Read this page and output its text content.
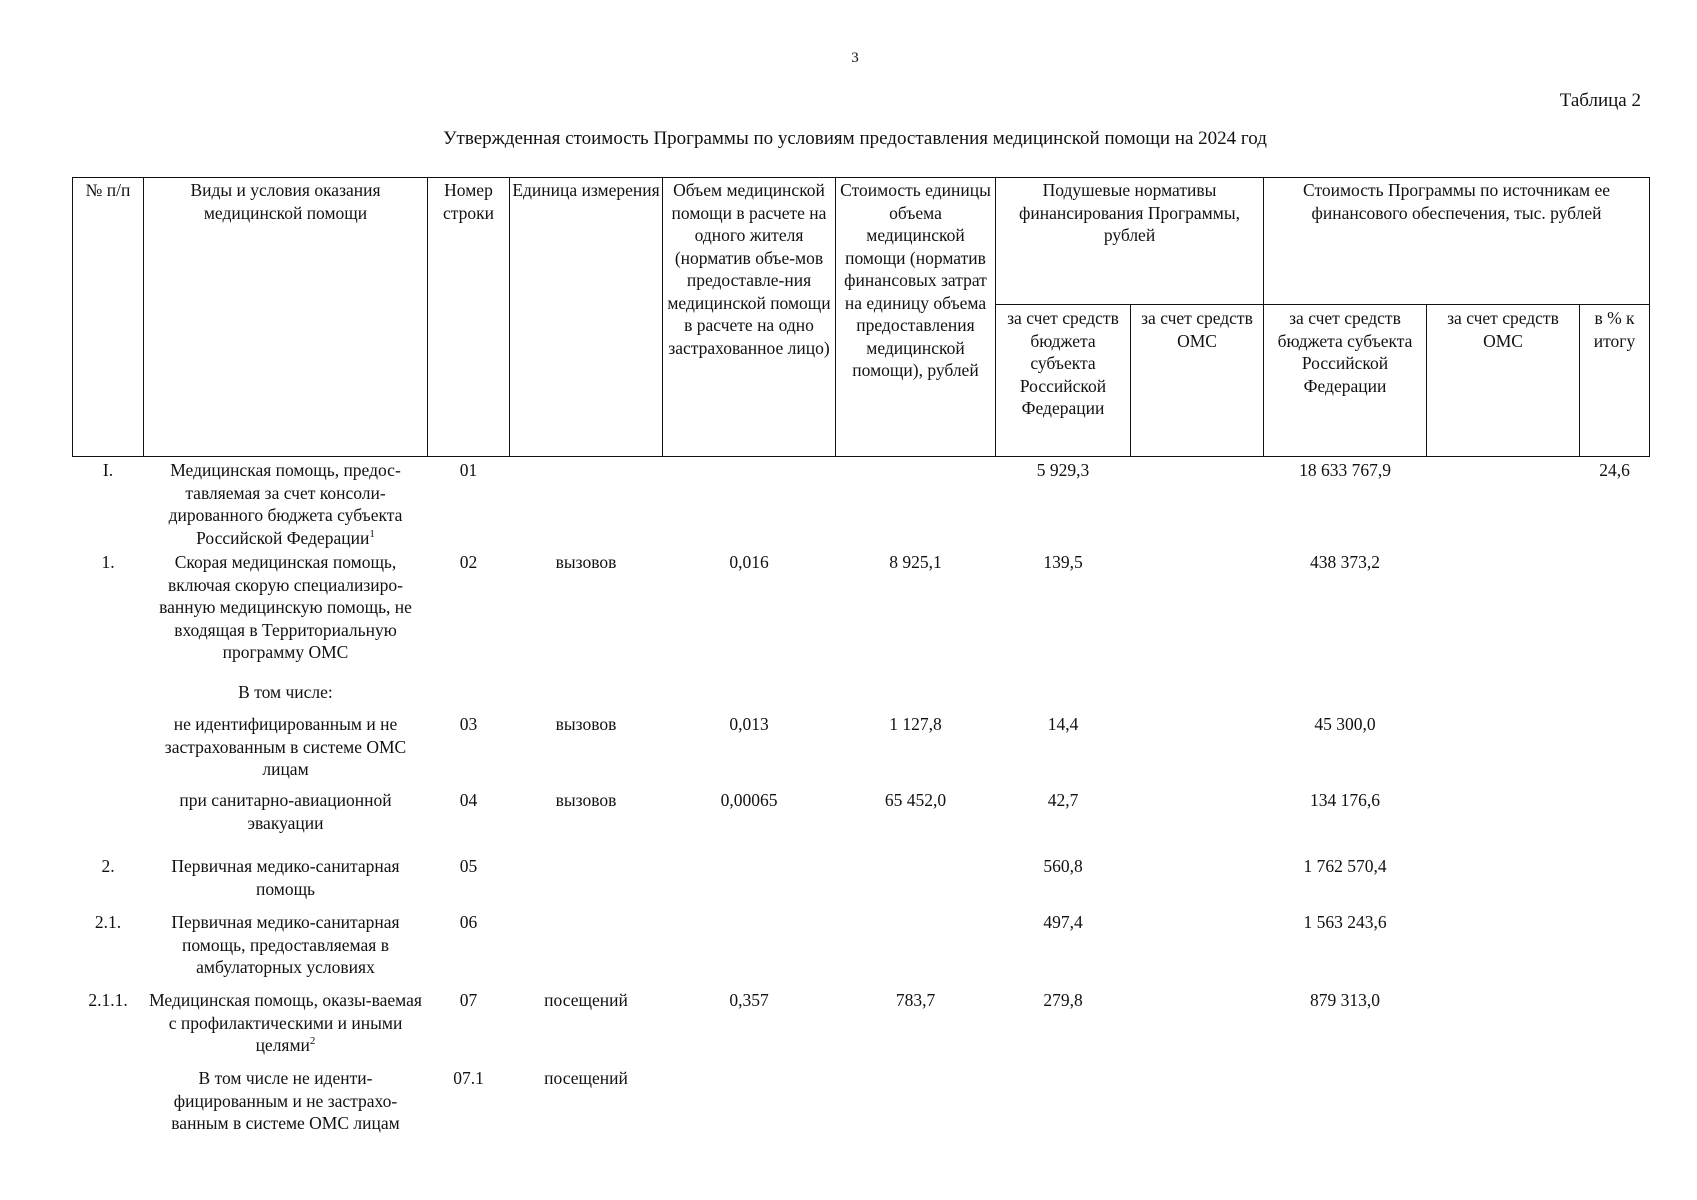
3
Таблица 2
Утвержденная стоимость Программы по условиям предоставления медицинской помощи на 2024 год
№ п/п	Виды и условия оказания медицинской помощи	Номер строки	Единица измерения	Объем медицинской помощи в расчете на одного жителя (норматив объе-мов предоставле-ния медицинской помощи в расчете на одно застрахованное лицо)	Стоимость единицы объема медицинской помощи (норматив финансовых затрат на единицу объема предоставления медицинской помощи), рублей	Подушевые нормативы финансирования Программы, рублей		Стоимость Программы по источникам ее финансового обеспечения, тыс. рублей		
						за счет средств бюджета субъекта Российской Федерации	за счет средств ОМС	за счет средств бюджета субъекта Российской Федерации	за счет средств ОМС	в % к итогу
I.	Медицинская помощь, предос-тавляемая за счет консоли-дированного бюджета субъекта Российской Федерации$^1$	01				5 929,3		18 633 767,9		24,6
1.	Скорая медицинская помощь, включая скорую специализиро-ванную медицинскую помощь, не входящая в Территориальную программу ОМС	02	вызовов	0,016	8 925,1	139,5		438 373,2		
	В том числе:									
	не идентифицированным и не застрахованным в системе ОМС лицам	03	вызовов	0,013	1 127,8	14,4		45 300,0		
	при санитарно-авиационной эвакуации	04	вызовов	0,00065	65 452,0	42,7		134 176,6		
2.	Первичная медико-санитарная помощь	05				560,8		1 762 570,4		
2.1.	Первичная медико-санитарная помощь, предоставляемая в амбулаторных условиях	06				497,4		1 563 243,6		
2.1.1.	Медицинская помощь, оказы-ваемая с профилактическими и иными целями$^2$	07	посещений	0,357	783,7	279,8		879 313,0		
	В том числе не иденти-фицированным и не застрахо-ванным в системе ОМС лицам	07.1	посещений							
